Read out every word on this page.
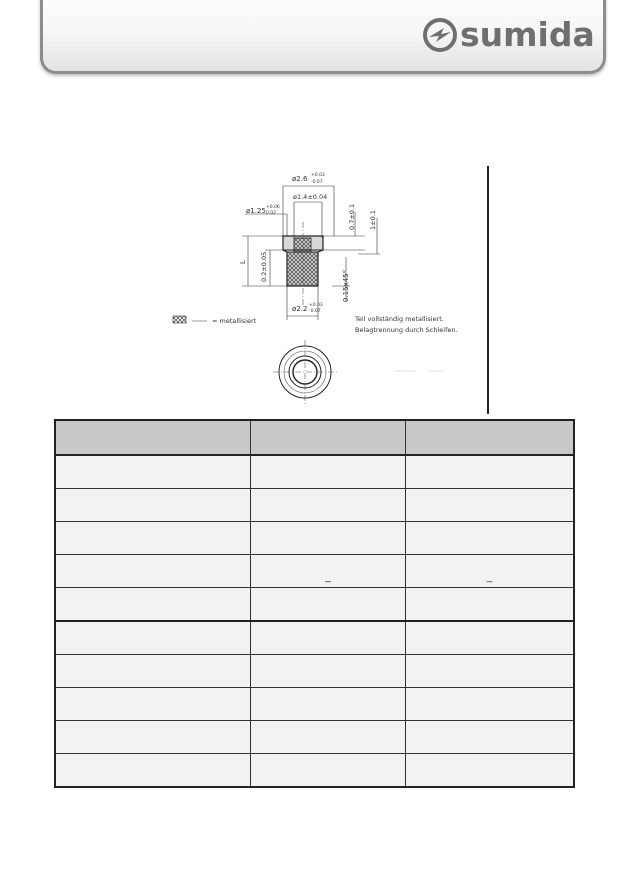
sumida
ø2.6 +0.03
-0.07
ø1.4±0.04
ø1.25 +0.06
0.02	0.7±0.1 1±0.1
L 0.2±0.05
0.15x45°
ø2.2 +0.03
-0.07
= metallisiert	Teil vollständig metallisiert.
Belagtrennung durch Schleifen.

	_	_
